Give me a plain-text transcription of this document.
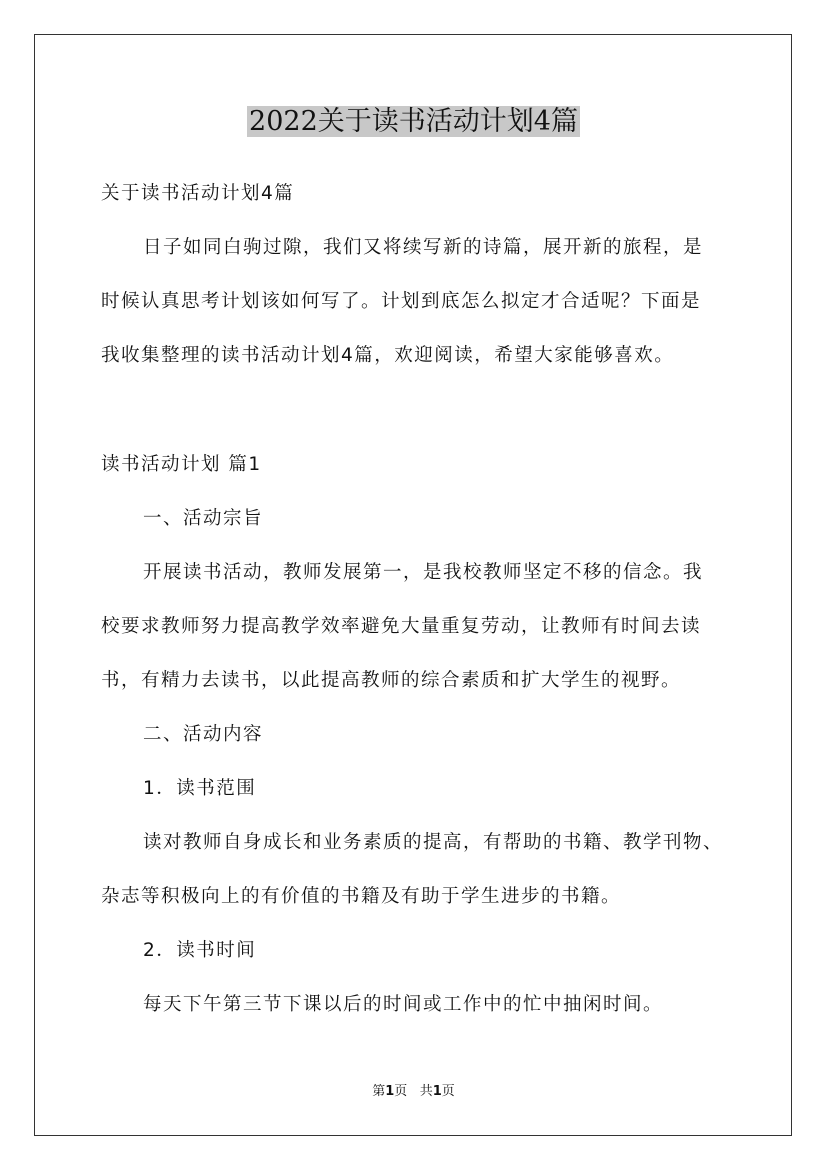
2022关于读书活动计划4篇
关于读书活动计划4篇
日子如同白驹过隙，我们又将续写新的诗篇，展开新的旅程，是
时候认真思考计划该如何写了。计划到底怎么拟定才合适呢？下面是
我收集整理的读书活动计划4篇，欢迎阅读，希望大家能够喜欢。
读书活动计划 篇1
一、活动宗旨
开展读书活动，教师发展第一，是我校教师坚定不移的信念。我
校要求教师努力提高教学效率避免大量重复劳动，让教师有时间去读
书，有精力去读书，以此提高教师的综合素质和扩大学生的视野。
二、活动内容
1．读书范围
读对教师自身成长和业务素质的提高，有帮助的书籍、教学刊物、
杂志等积极向上的有价值的书籍及有助于学生进步的书籍。
2．读书时间
每天下午第三节下课以后的时间或工作中的忙中抽闲时间。
第1页 共1页
